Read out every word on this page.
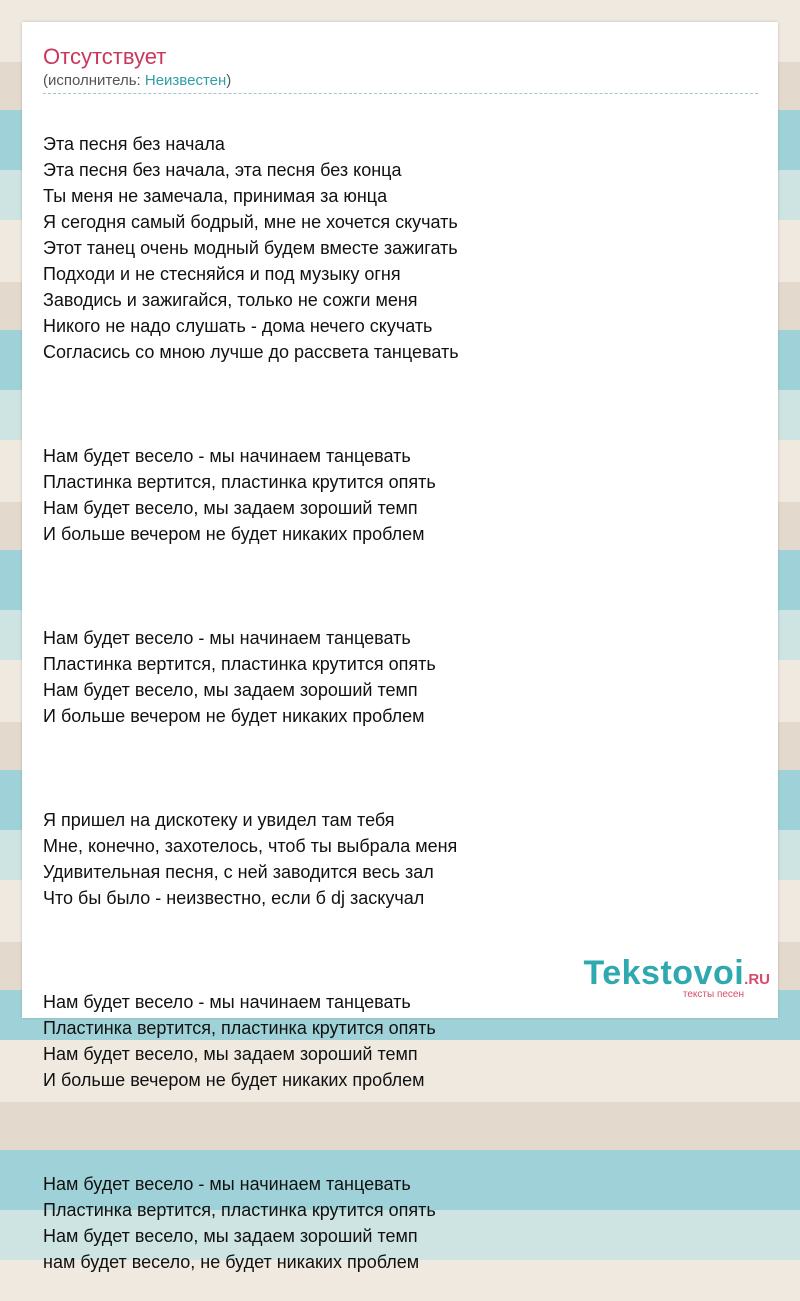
Отсутствует
(исполнитель: Неизвестен)

Эта песня без начала
Эта песня без начала, эта песня без конца
Ты меня не замечала, принимая за юнца
Я сегодня самый бодрый, мне не хочется скучать
Этот танец очень модный будем вместе зажигать
Подходи и не стесняйся и под музыку огня
Заводись и зажигайся, только не сожги меня
Никого не надо слушать - дома нечего скучать
Согласись со мною лучше до рассвета танцевать

Нам будет весело - мы начинаем танцевать
Пластинка вертится, пластинка крутится опять
Нам будет весело, мы задаем зороший темп
И больше вечером не будет никаких проблем

Нам будет весело - мы начинаем танцевать
Пластинка вертится, пластинка крутится опять
Нам будет весело, мы задаем зороший темп
И больше вечером не будет никаких проблем

Я пришел на дискотеку и увидел там тебя
Мне, конечно, захотелось, чтоб ты выбрала меня
Удивительная песня, с ней заводится весь зал
Что бы было - неизвестно, если б dj заскучал

Нам будет весело - мы начинаем танцевать
Пластинка вертится, пластинка крутится опять
Нам будет весело, мы задаем зороший темп
И больше вечером не будет никаких проблем

Нам будет весело - мы начинаем танцевать
Пластинка вертится, пластинка крутится опять
Нам будет весело, мы задаем зороший темп
нам будет весело, не будет никаких проблем

Tekstovoi.RU
тексты песен
